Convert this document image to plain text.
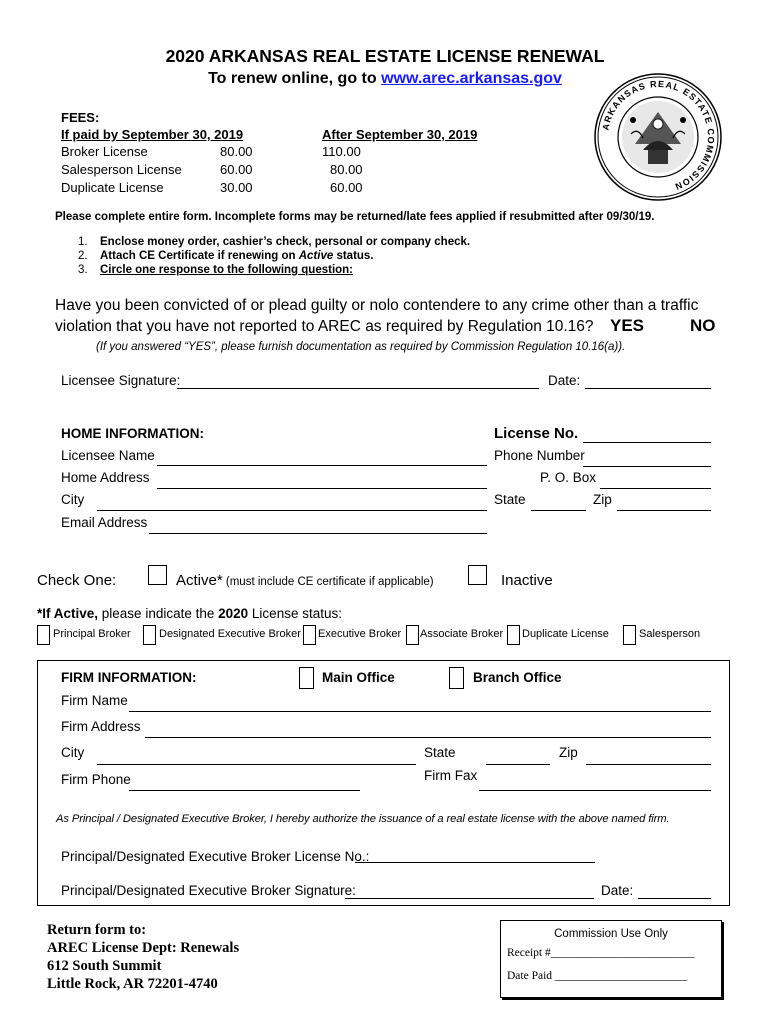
2020 ARKANSAS REAL ESTATE LICENSE RENEWAL
To renew online, go to www.arec.arkansas.gov
ARKANSAS REAL ESTATE COMMISSION
FEES:
If paid by September 30, 2019	After September 30, 2019
Broker License	80.00	110.00
Salesperson License	60.00	80.00
Duplicate License	30.00	60.00
Please complete entire form. Incomplete forms may be returned/late fees applied if resubmitted after 09/30/19.
1. Enclose money order, cashier’s check, personal or company check.
2. Attach CE Certificate if renewing on Active status.
3. Circle one response to the following question:
Have you been convicted of or plead guilty or nolo contendere to any crime other than a traffic
violation that you have not reported to AREC as required by Regulation 10.16? YES	NO
(If you answered “YES”, please furnish documentation as required by Commission Regulation 10.16(a)).
Licensee Signature:	Date:
HOME INFORMATION:	License No.
Licensee Name	Phone Number
Home Address	P. O. Box
City	State	Zip
Email Address
Check One:	Active* (must include CE certificate if applicable)	Inactive
*If Active, please indicate the 2020 License status:
Principal Broker	Designated Executive Broker Executive Broker Associate Broker Duplicate License	Salesperson
FIRM INFORMATION:	Main Office	Branch Office
Firm Name
Firm Address
City	State	Zip
Firm Phone	Firm Fax
As Principal / Designated Executive Broker, I hereby authorize the issuance of a real estate license with the above named firm.
Principal/Designated Executive Broker License No.:
Principal/Designated Executive Broker Signature:	Date:
Return form to:
AREC License Dept: Renewals
612 South Summit
Little Rock, AR 72201-4740
Commission Use Only
Receipt #_________________________
Date Paid _______________________
